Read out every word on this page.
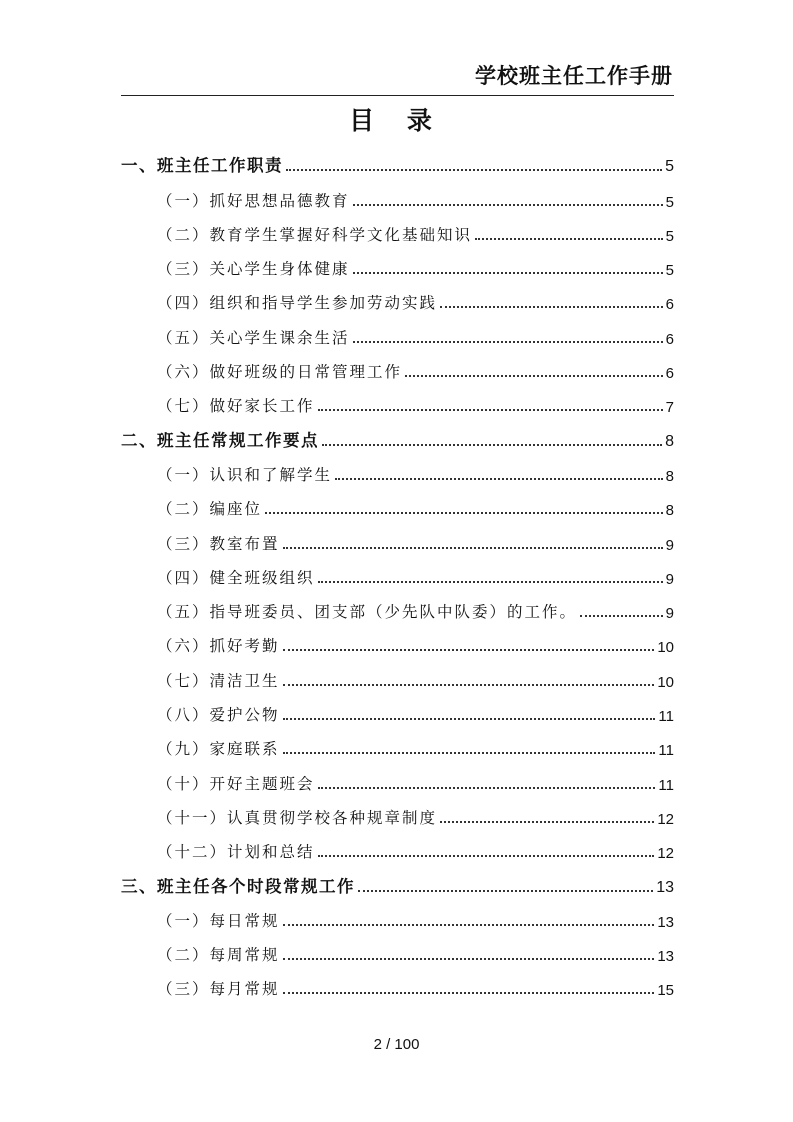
学校班主任工作手册
目 录
一、班主任工作职责	5
（一）抓好思想品德教育	5
（二）教育学生掌握好科学文化基础知识	5
（三）关心学生身体健康	5
（四）组织和指导学生参加劳动实践	6
（五）关心学生课余生活	6
（六）做好班级的日常管理工作	6
（七）做好家长工作	7
二、班主任常规工作要点	8
（一）认识和了解学生	8
（二）编座位	8
（三）教室布置	9
（四）健全班级组织	9
（五）指导班委员、团支部（少先队中队委）的工作。	9
（六）抓好考勤	10
（七）清洁卫生	10
（八）爱护公物	11
（九）家庭联系	11
（十）开好主题班会	11
（十一）认真贯彻学校各种规章制度	12
（十二）计划和总结	12
三、班主任各个时段常规工作	13
（一）每日常规	13
（二）每周常规	13
（三）每月常规	15
2 / 100
